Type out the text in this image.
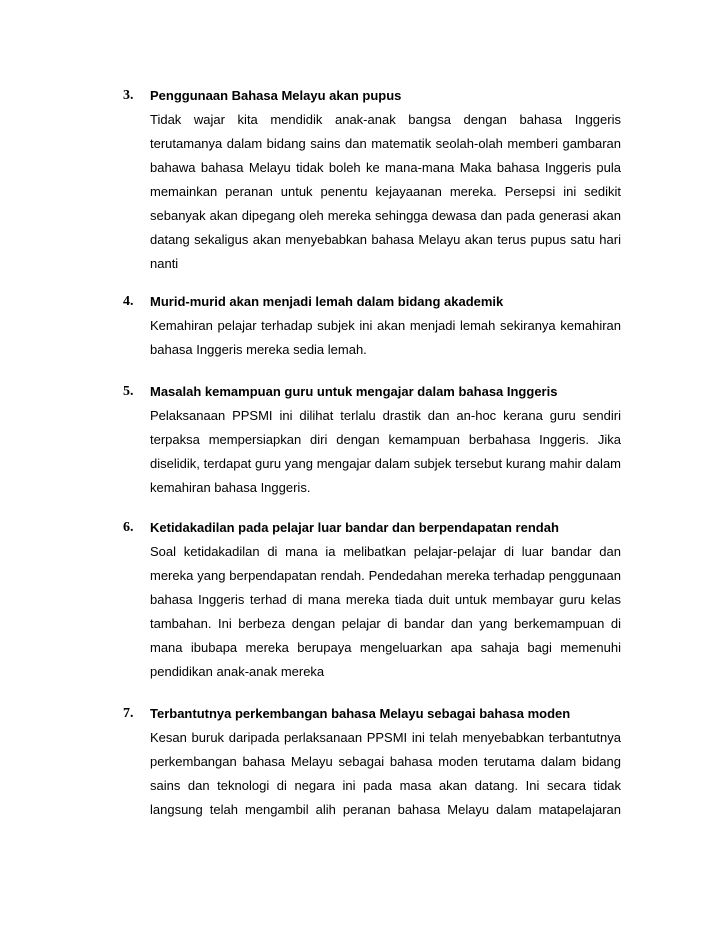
3. Penggunaan Bahasa Melayu akan pupus

Tidak wajar kita mendidik anak-anak bangsa dengan bahasa Inggeris terutamanya dalam bidang sains dan matematik seolah-olah memberi gambaran bahawa bahasa Melayu tidak boleh ke mana-mana Maka bahasa Inggeris pula memainkan peranan untuk penentu kejayaanan mereka. Persepsi ini sedikit sebanyak akan dipegang oleh mereka sehingga dewasa dan pada generasi akan datang sekaligus akan menyebabkan bahasa Melayu akan terus pupus satu hari nanti

4. Murid-murid akan menjadi lemah dalam bidang akademik

Kemahiran pelajar terhadap subjek ini akan menjadi lemah sekiranya kemahiran bahasa Inggeris mereka sedia lemah.

5. Masalah kemampuan guru untuk mengajar dalam bahasa Inggeris

Pelaksanaan PPSMI ini dilihat terlalu drastik dan an-hoc kerana guru sendiri terpaksa mempersiapkan diri dengan kemampuan berbahasa Inggeris. Jika diselidik, terdapat guru yang mengajar dalam subjek tersebut kurang mahir dalam kemahiran bahasa Inggeris.

6. Ketidakadilan pada pelajar luar bandar dan berpendapatan rendah

Soal ketidakadilan di mana ia melibatkan pelajar-pelajar di luar bandar dan mereka yang berpendapatan rendah. Pendedahan mereka terhadap penggunaan bahasa Inggeris terhad di mana mereka tiada duit untuk membayar guru kelas tambahan. Ini berbeza dengan pelajar di bandar dan yang berkemampuan di mana ibubapa mereka berupaya mengeluarkan apa sahaja bagi memenuhi pendidikan anak-anak mereka

7. Terbantutnya perkembangan bahasa Melayu sebagai bahasa moden

Kesan buruk daripada perlaksanaan PPSMI ini telah menyebabkan terbantutnya perkembangan bahasa Melayu sebagai bahasa moden terutama dalam bidang sains dan teknologi di negara ini pada masa akan datang. Ini secara tidak langsung telah mengambil alih peranan bahasa Melayu dalam matapelajaran
